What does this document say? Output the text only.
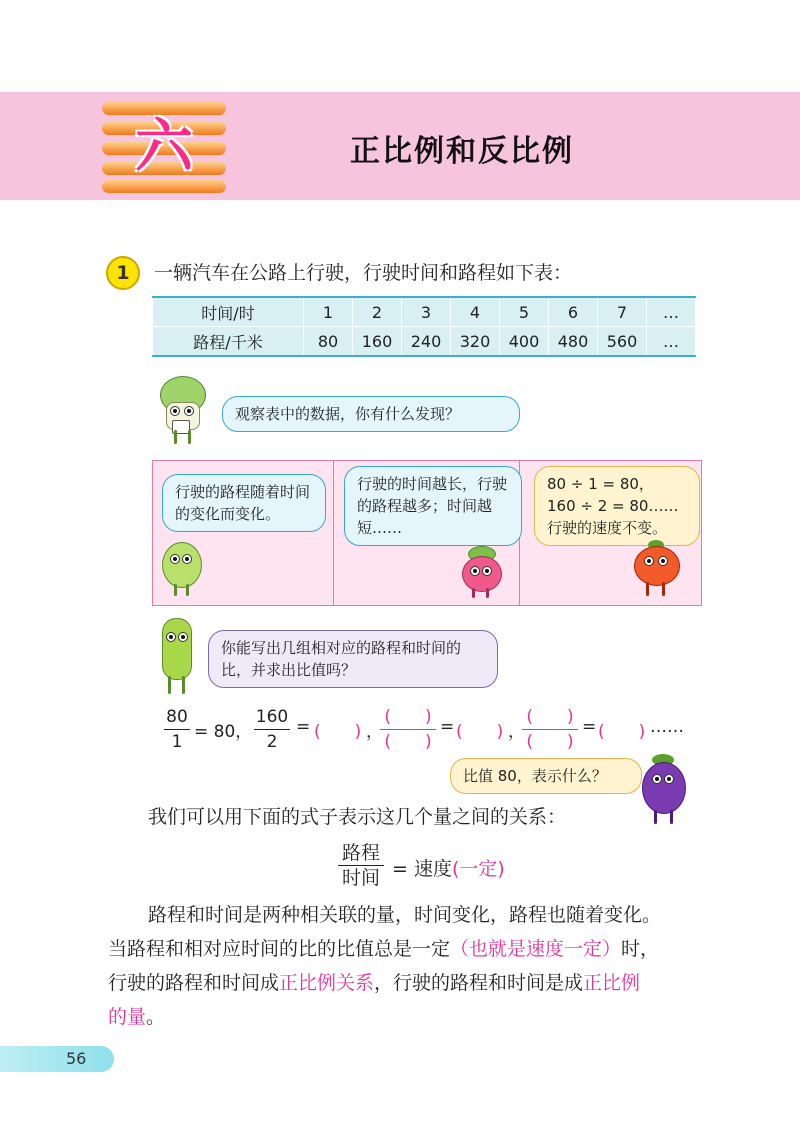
六	正比例和反比例
1	一辆汽车在公路上行驶，行驶时间和路程如下表：
时间/时	1	2	3	4	5	6	7	…
路程/千米	80	160	240	320	400	480	560	…
观察表中的数据，你有什么发现？
行驶的路程随着时间的变化而变化。
行驶的时间越长，行驶的路程越多；时间越短……
80 ÷ 1 = 80，
160 ÷ 2 = 80……
行驶的速度不变。
你能写出几组相对应的路程和时间的比，并求出比值吗？
80
1 = 80，
160
2
= (　　) ，
(　　)
(　　)
= (　　) ，
(　　)
(　　)
= (　　) ……
比值 80，表示什么？
我们可以用下面的式子表示这几个量之间的关系：
路程
时间 = 速度(一定)
路程和时间是两种相关联的量，时间变化，路程也随着变化。
当路程和相对应时间的比的比值总是一定（也就是速度一定）时，
行驶的路程和时间成正比例关系，行驶的路程和时间是成正比例
的量。
56
